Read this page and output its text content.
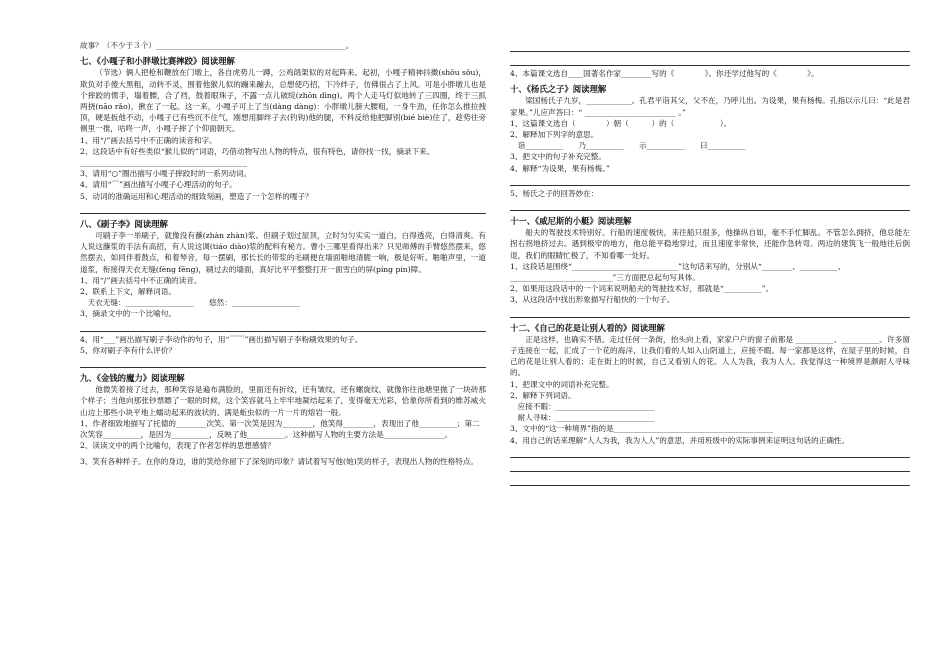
故事？（不少于３个）__________________________________________________。
七、《小嘎子和小胖墩比赛摔跤》阅读理解
（节选）俩人把枪和鞭放在门墩上，各自虎势儿一蹲，公鸡鹐架似的对起阵来。起初，小嘎子精神抖擞(shōu sǒu)，欺负对手傻大黑粗，动转不灵，围着他猴儿似的蹦来蹦去，总想使巧招，下冷绊子，仿佛很占了上风。可是小胖墩儿也是个摔跤的惯手，塌着腰，合了裆，鼓着眼珠子，不露一点儿破绽(zhōn dìng)。两个人走马灯似地转了三四圈，终于三抓两挠(nāo rǎo)，揪在了一起。这一来，小嘎子可上了当(dàng dàng)：小胖墩儿膀大腰粗，一身牛劲，任你怎么推拉拽顶，硬是扳他不动，小嘎子已有些沉不住气，刚想用脚绊子去(钓钩)他的腿，不料反给他把脚别(bié biè)住了，趁势往旁侧里一推，咕咚一声，小嘎子摔了个仰面朝天。
1、用“/”画去括号中不正确的读音和字。
2、这段话中有好些类似“猴儿似的”词语，巧借动物写出人物的特点，很有特色，请你找一找，摘录下来。____________________________________________
3、请用“○”圈出描写小嘎子摔跤时的一系列动词。
4、请用“﹋”画出描写小嘎子心理活动的句子。
5、动词的准确运用和心理活动的细致刻画，塑造了一个怎样的嘎子？
八、《刷子李》阅读理解
可刷子李一举刷子，就像没有蘸(zhàn zhàn)浆。但刷子划过屋顶，立时匀匀实实一道白，白得透亮，白得清爽。有人说这蘸浆的手法有高招，有人说这调(tiáo diào)浆的配料有秘方。曹小三哪里看得出来？只见师傅的手臂悠然摆来，悠然摆去，如同伴着鼓点，和着琴音，每一摆刷，那长长的带浆的毛刷便在墙面啪地清脆一响，极是好听。啪啪声里，一道道浆，衔接得天衣无缝(fèng fēng)，刷过去的墙面，真好比平平整整打开一面雪白的屏(píng pín)障。
1、用“/”画去括号中不正确的读音。
2、联系上下文，解释词语。
　天衣无缝：__________________　　悠然：__________________
3、摘录文中的一个比喻句。
4、用“___”画出描写刷子李动作的句子，用“﹋﹋”画出描写刷子李粉刷效果的句子。
5、你对刷子李有什么评价？
九、《金钱的魔力》阅读理解
他微笑着接了过去，那种笑容是遍布满脸的，里面还有折纹，还有皱纹，还有螺旋纹，就像你往池塘里抛了一块砖那个样子；当他向那张钞票瞟了一眼的时候，这个笑容就马上牢牢地凝结起来了，变得毫无光彩，恰象你所看到的维苏威火山边上那些小块平地上蠕动起来的波状的、满是蚯虫似的一片一片的熔岩一般。
1、作者细致地描写了托德的________次笑。第一次笑是因为________，他笑得________，表现出了他__________；第二次笑容__________，是因为__________，反映了他__________。这种描写人物的主要方法是________________。
2、读读文中的两个比喻句，表现了作者怎样的思想感情？
3、笑有各种样子。在你的身边，谁的笑给你留下了深刻的印象？请试着写写他(她)笑的样子，表现出人物的性格特点。
4、本篇课文选自____国著名作家________写的《　　　　》。你还学过他写的《　　　　》。
十、《杨氏之子》阅读理解
梁国杨氏子九岁，____________。孔君平诣其父，父不在，乃呼儿出。为设果，果有杨梅。孔指以示儿曰：“此是君家果。”儿应声答曰：“ ________________________ 。”
1、这篇课文选自（　　　　）朝（　　　）的（　　　　　　）。
2、解释加下列字的意思。
　诣__________　　乃__________　　示__________　　曰__________
3、把文中的句子补充完整。
4、解释“为设果，果有杨梅。”
5、杨氏之子的回答妙在：
十一、《威尼斯的小艇》阅读理解
船夫的驾驶技术特别好。行船的速度极快，来往船只很多，他操纵自如，毫不手忙脚乱。不管怎么拥挤，他总能左拐右拐地挤过去。遇到极窄的地方，他总能平稳地穿过，而且速度非常快，还能作急转弯。两边的建筑飞一般地往后倒退，我们的眼睛忙极了，不知看哪一处好。
1、这段话是围绕“____________________________”这句话来写的，分别从“________、__________、___________________________”三方面把总起句写具体。
2、如果用这段话中的一个词来说明船夫的驾驶技术好，那就是“__________”。
3、从这段话中找出形象描写行船快的一个句子。
十二、《自己的花是让别人看的》阅读理解
正是这样，也确实不错。走过任何一条街，抬头向上看，家家户户的窗子前都是 __________、__________。许多窗子连接在一起，汇成了一个花的海洋，让我们看的人如入山阴道上，应接不暇。每一家都是这样，在屋子里的时候，自己的花是让别人看的；走在街上的时候，自己又看别人的花。人人为我，我为人人。我觉得这一种境界是颇耐人寻味的。
1、把课文中的词语补充完整。
2、解释下列词语。
　应接不暇：__________________________
　耐人寻味：__________________________
3、文中的“这一种境界”指的是__________________________________________
4、用自己的话来理解“人人为我，我为人人”的意思，并用班级中的实际事例来证明这句话的正确性。
